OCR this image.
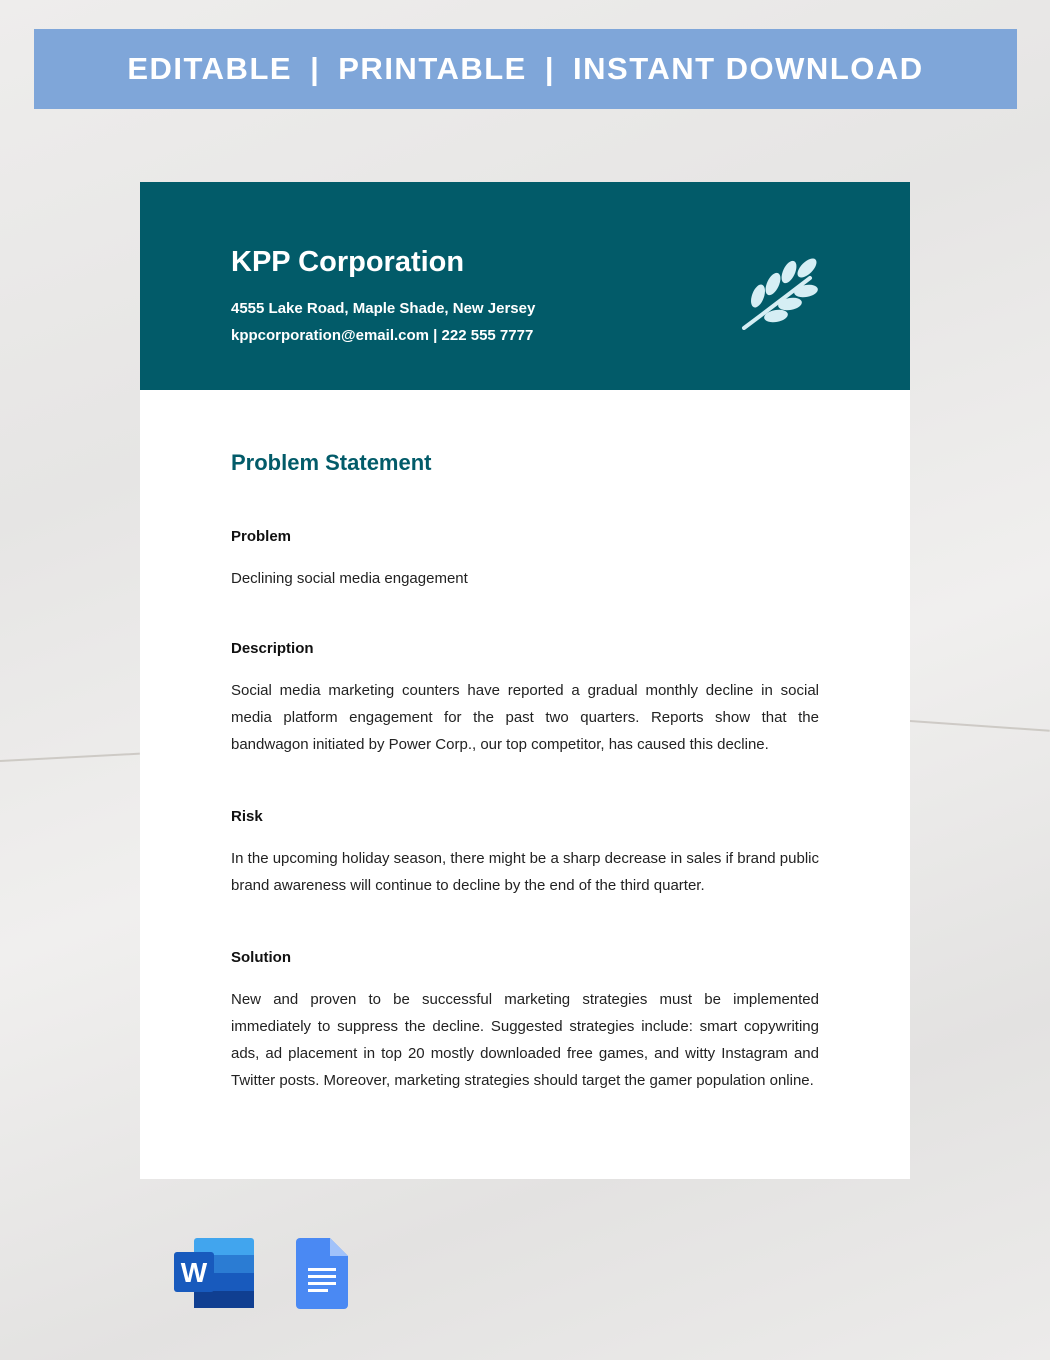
EDITABLE | PRINTABLE | INSTANT DOWNLOAD
KPP Corporation
4555 Lake Road, Maple Shade, New Jersey
kppcorporation@email.com | 222 555 7777
Problem Statement
Problem
Declining social media engagement
Description
Social media marketing counters have reported a gradual monthly decline in social media platform engagement for the past two quarters. Reports show that the bandwagon initiated by Power Corp., our top competitor, has caused this decline.
Risk
In the upcoming holiday season, there might be a sharp decrease in sales if brand public brand awareness will continue to decline by the end of the third quarter.
Solution
New and proven to be successful marketing strategies must be implemented immediately to suppress the decline. Suggested strategies include: smart copywriting ads, ad placement in top 20 mostly downloaded free games, and witty Instagram and Twitter posts. Moreover, marketing strategies should target the gamer population online.
W
